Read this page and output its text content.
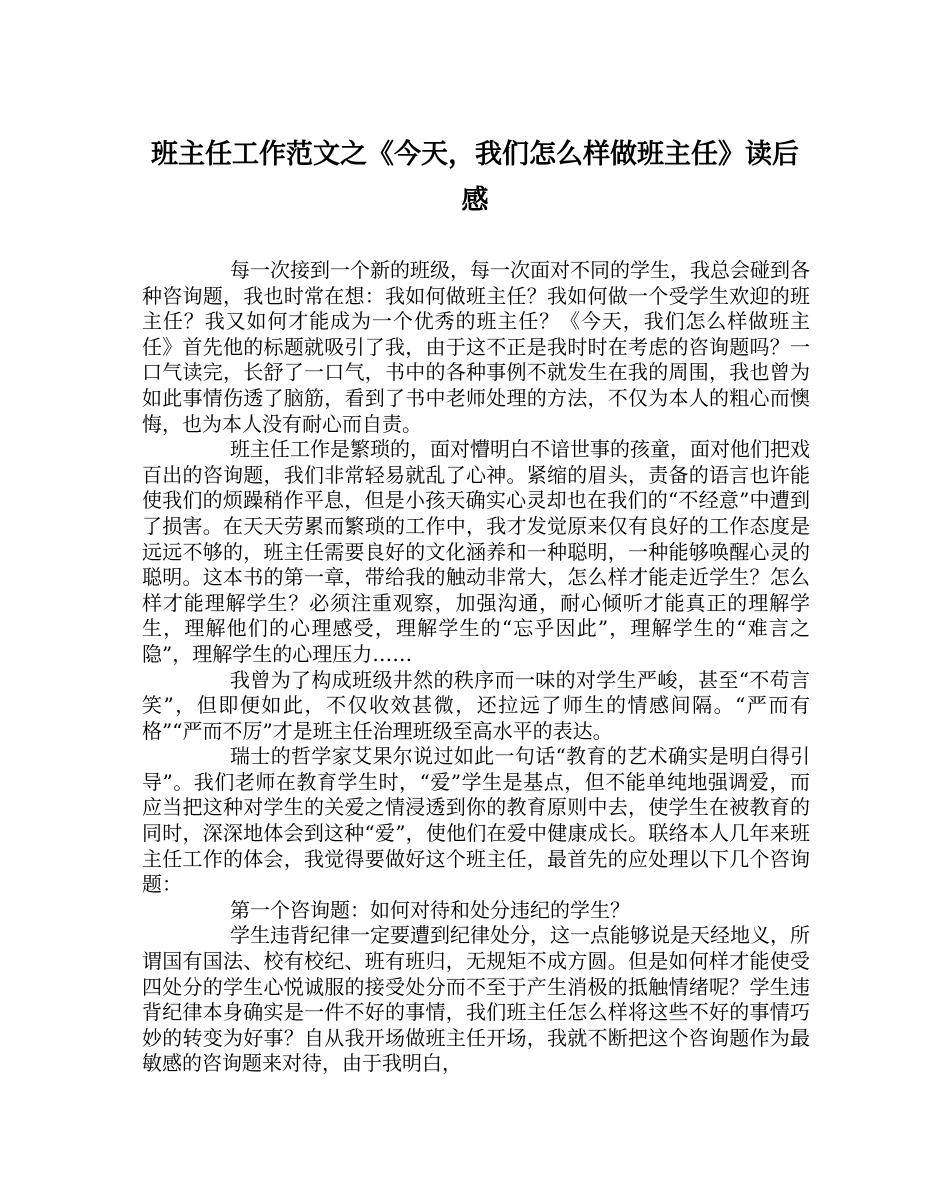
班主任工作范文之《今天，我们怎么样做班主任》读后感

每一次接到一个新的班级，每一次面对不同的学生，我总会碰到各种咨询题，我也时常在想：我如何做班主任？我如何做一个受学生欢迎的班主任？我又如何才能成为一个优秀的班主任？《今天，我们怎么样做班主任》首先他的标题就吸引了我，由于这不正是我时时在考虑的咨询题吗？一口气读完，长舒了一口气，书中的各种事例不就发生在我的周围，我也曾为如此事情伤透了脑筋，看到了书中老师处理的方法，不仅为本人的粗心而懊悔，也为本人没有耐心而自责。

班主任工作是繁琐的，面对懵明白不谙世事的孩童，面对他们把戏百出的咨询题，我们非常轻易就乱了心神。紧缩的眉头，责备的语言也许能使我们的烦躁稍作平息，但是小孩天确实心灵却也在我们的“不经意”中遭到了损害。在天天劳累而繁琐的工作中，我才发觉原来仅有良好的工作态度是远远不够的，班主任需要良好的文化涵养和一种聪明，一种能够唤醒心灵的聪明。这本书的第一章，带给我的触动非常大，怎么样才能走近学生？怎么样才能理解学生？必须注重观察，加强沟通，耐心倾听才能真正的理解学生，理解他们的心理感受，理解学生的“忘乎因此”，理解学生的“难言之隐”，理解学生的心理压力……

我曾为了构成班级井然的秩序而一味的对学生严峻，甚至“不苟言笑”，但即便如此，不仅收效甚微，还拉远了师生的情感间隔。“严而有格”“严而不厉”才是班主任治理班级至高水平的表达。

瑞士的哲学家艾果尔说过如此一句话“教育的艺术确实是明白得引导”。我们老师在教育学生时，“爱”学生是基点，但不能单纯地强调爱，而应当把这种对学生的关爱之情浸透到你的教育原则中去，使学生在被教育的同时，深深地体会到这种“爱”，使他们在爱中健康成长。联络本人几年来班主任工作的体会，我觉得要做好这个班主任，最首先的应处理以下几个咨询题：

第一个咨询题：如何对待和处分违纪的学生？

学生违背纪律一定要遭到纪律处分，这一点能够说是天经地义，所谓国有国法、校有校纪、班有班归，无规矩不成方圆。但是如何样才能使受四处分的学生心悦诚服的接受处分而不至于产生消极的抵触情绪呢？学生违背纪律本身确实是一件不好的事情，我们班主任怎么样将这些不好的事情巧妙的转变为好事？自从我开场做班主任开场，我就不断把这个咨询题作为最敏感的咨询题来对待，由于我明白，
